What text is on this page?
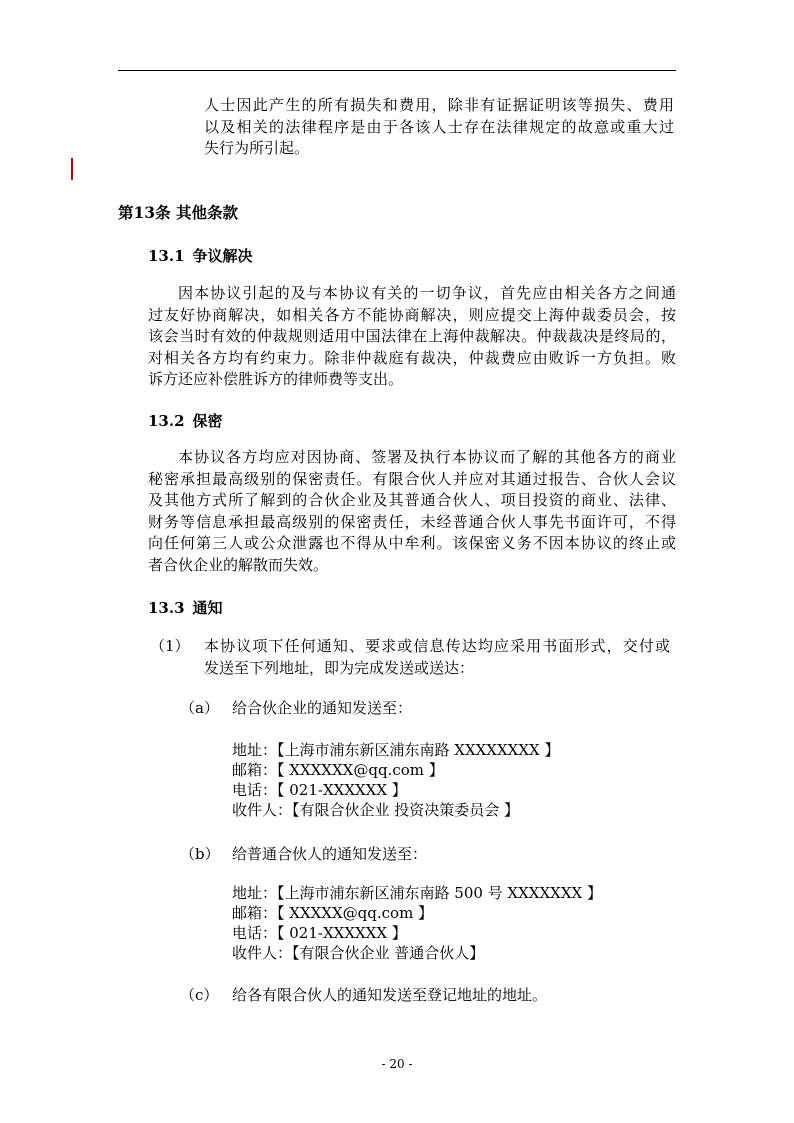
人士因此产生的所有损失和费用，除非有证据证明该等损失、费用
以及相关的法律程序是由于各该人士存在法律规定的故意或重大过
失行为所引起。
第13条 其他条款
13.1 争议解决
因本协议引起的及与本协议有关的一切争议，首先应由相关各方之间通
过友好协商解决，如相关各方不能协商解决，则应提交上海仲裁委员会，按
该会当时有效的仲裁规则适用中国法律在上海仲裁解决。仲裁裁决是终局的，
对相关各方均有约束力。除非仲裁庭有裁决，仲裁费应由败诉一方负担。败
诉方还应补偿胜诉方的律师费等支出。
13.2 保密
本协议各方均应对因协商、签署及执行本协议而了解的其他各方的商业
秘密承担最高级别的保密责任。有限合伙人并应对其通过报告、合伙人会议
及其他方式所了解到的合伙企业及其普通合伙人、项目投资的商业、法律、
财务等信息承担最高级别的保密责任，未经普通合伙人事先书面许可，不得
向任何第三人或公众泄露也不得从中牟利。该保密义务不因本协议的终止或
者合伙企业的解散而失效。
13.3 通知
（1） 本协议项下任何通知、要求或信息传达均应采用书面形式，交付或
发送至下列地址，即为完成发送或送达：
（a） 给合伙企业的通知发送至：
地址：【上海市浦东新区浦东南路 XXXXXXXX 】
邮箱：【 XXXXXX@qq.com 】
电话：【 021-XXXXXX 】
收件人：【有限合伙企业 投资决策委员会 】
（b） 给普通合伙人的通知发送至：
地址：【上海市浦东新区浦东南路 500 号 XXXXXXX 】
邮箱：【 XXXXX@qq.com 】
电话：【 021-XXXXXX 】
收件人：【有限合伙企业 普通合伙人】
（c） 给各有限合伙人的通知发送至登记地址的地址。
- 20 -
